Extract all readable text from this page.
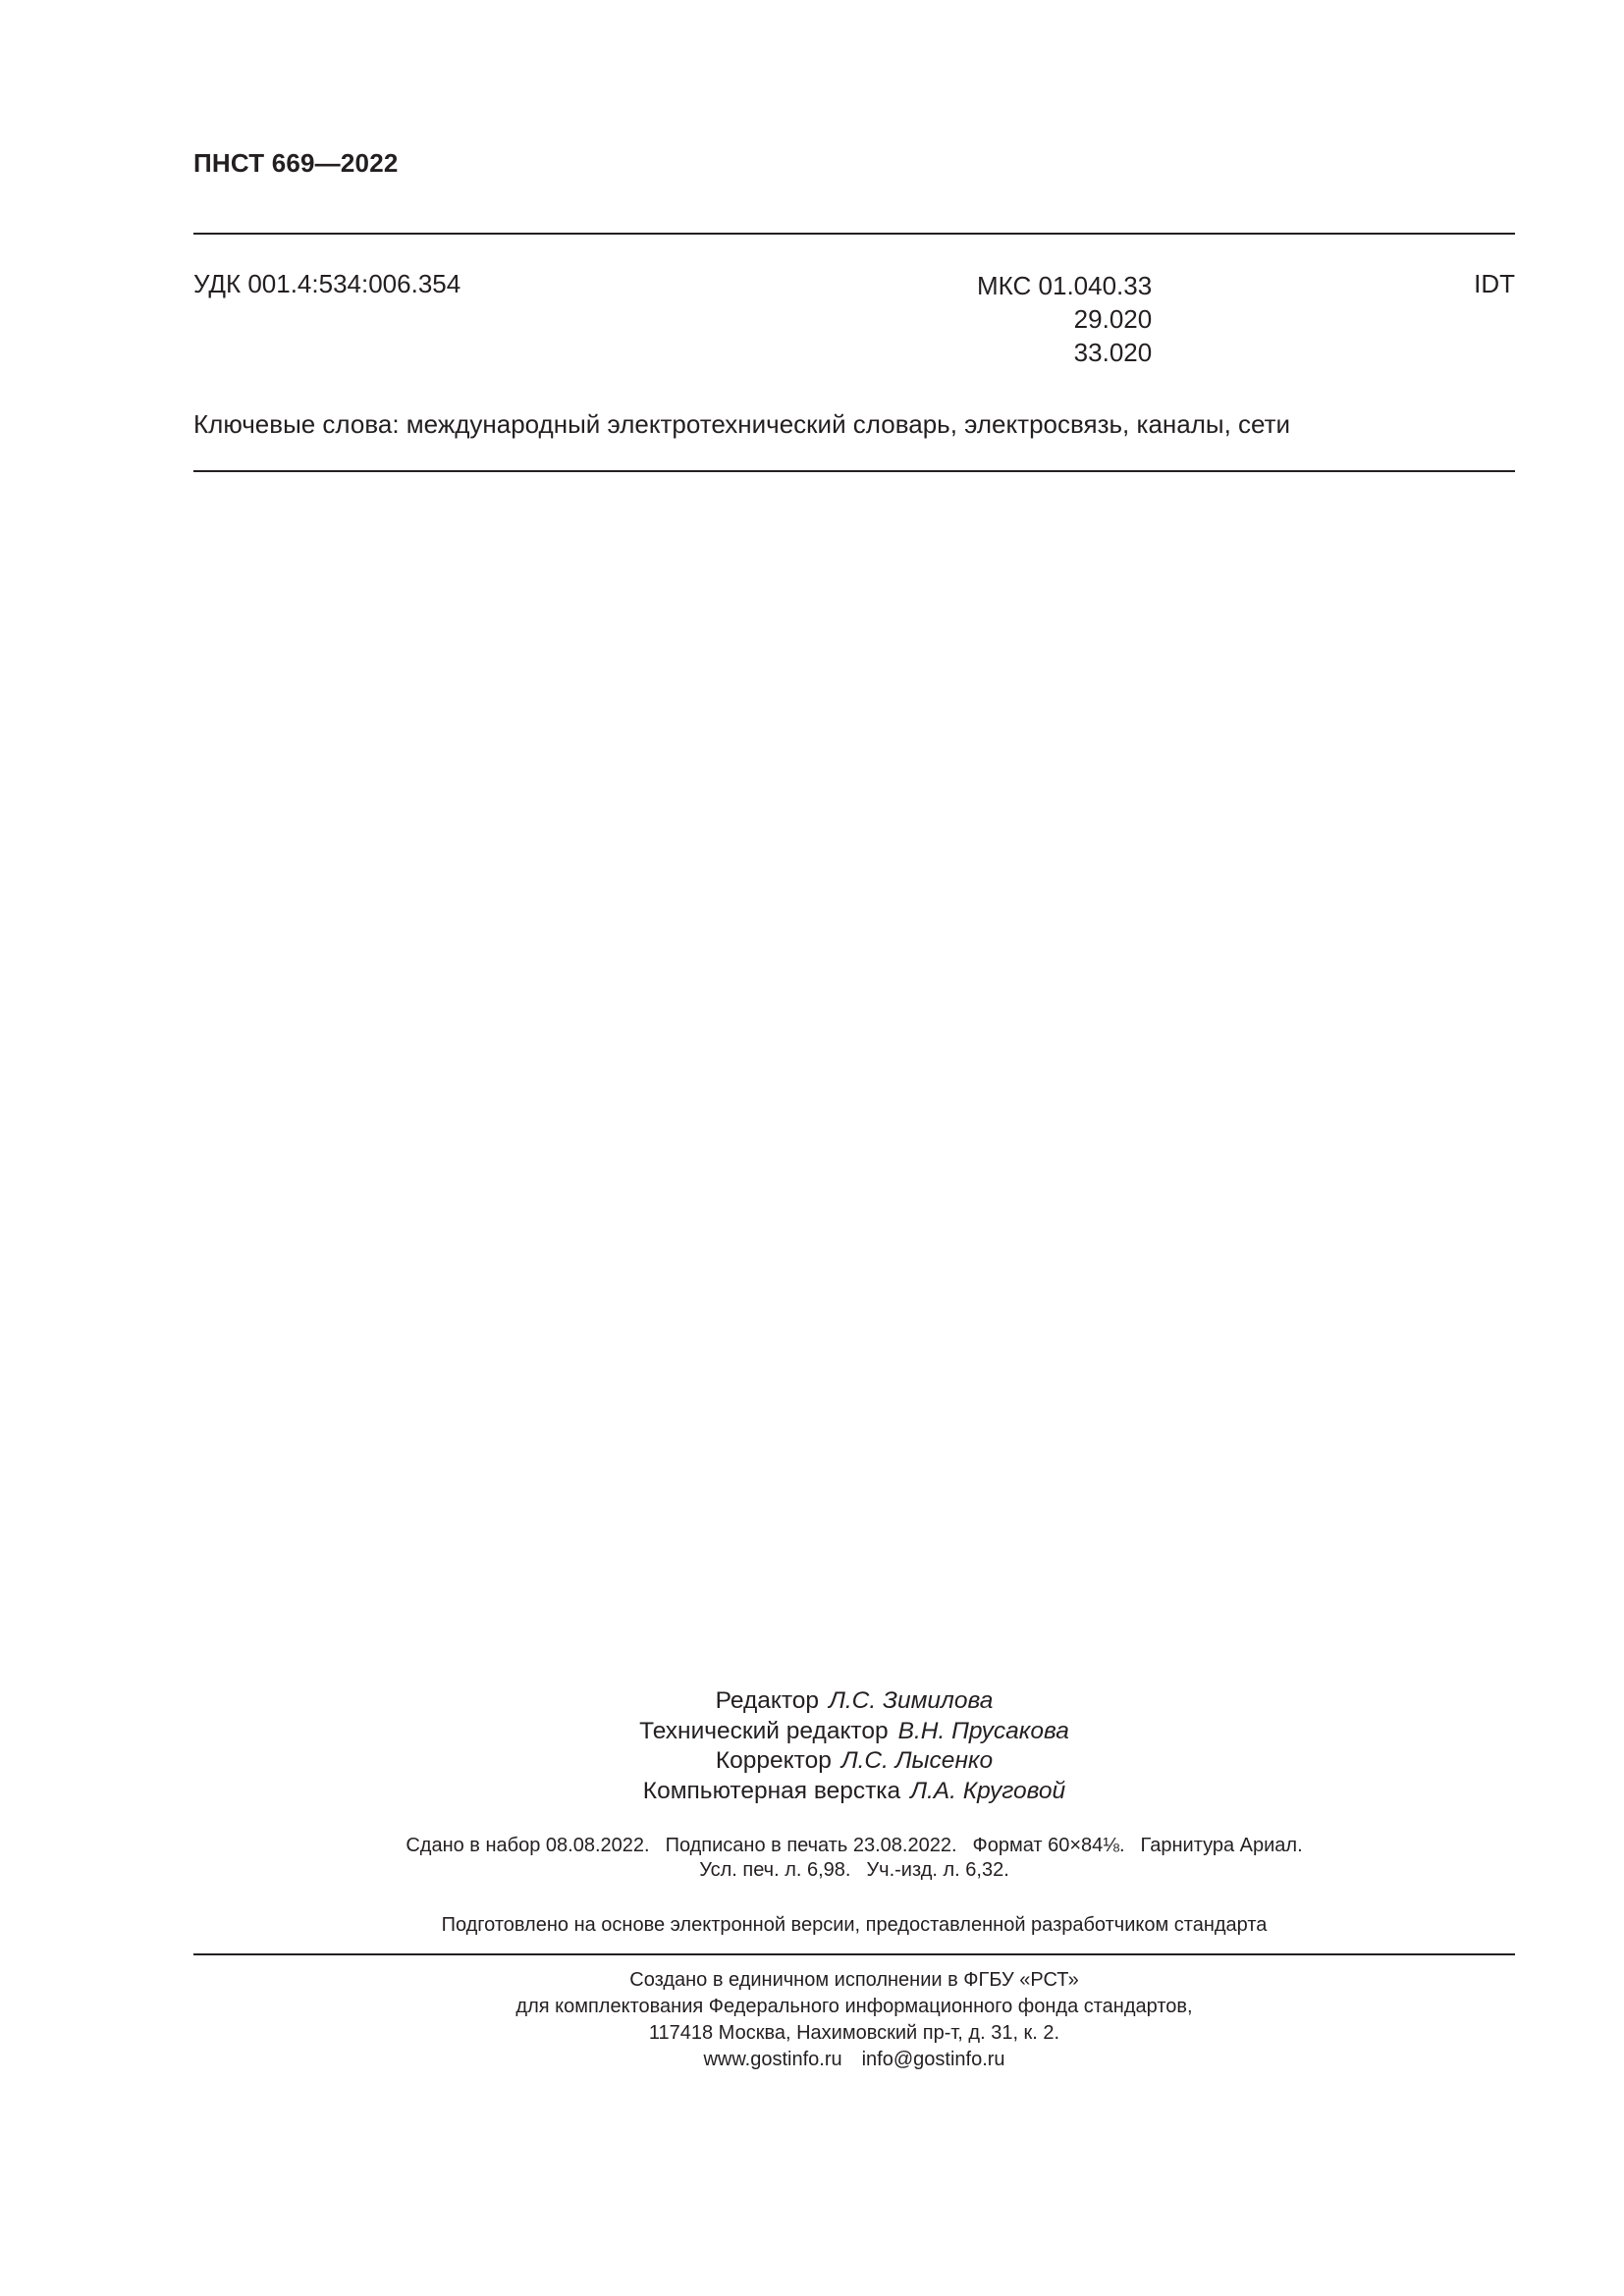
ПНСТ 669—2022
УДК 001.4:534:006.354	МКС 01.040.33
29.020
33.020
IDT
Ключевые слова: международный электротехнический словарь, электросвязь, каналы, сети
Редактор Л.С. Зимилова
Технический редактор В.Н. Прусакова
Корректор Л.С. Лысенко
Компьютерная верстка Л.А. Круговой
Сдано в набор 08.08.2022. Подписано в печать 23.08.2022. Формат 60×84⅛. Гарнитура Ариал.
Усл. печ. л. 6,98. Уч.-изд. л. 6,32.
Подготовлено на основе электронной версии, предоставленной разработчиком стандарта
Создано в единичном исполнении в ФГБУ «РСТ»
для комплектования Федерального информационного фонда стандартов,
117418 Москва, Нахимовский пр-т, д. 31, к. 2.
www.gostinfo.ru info@gostinfo.ru
